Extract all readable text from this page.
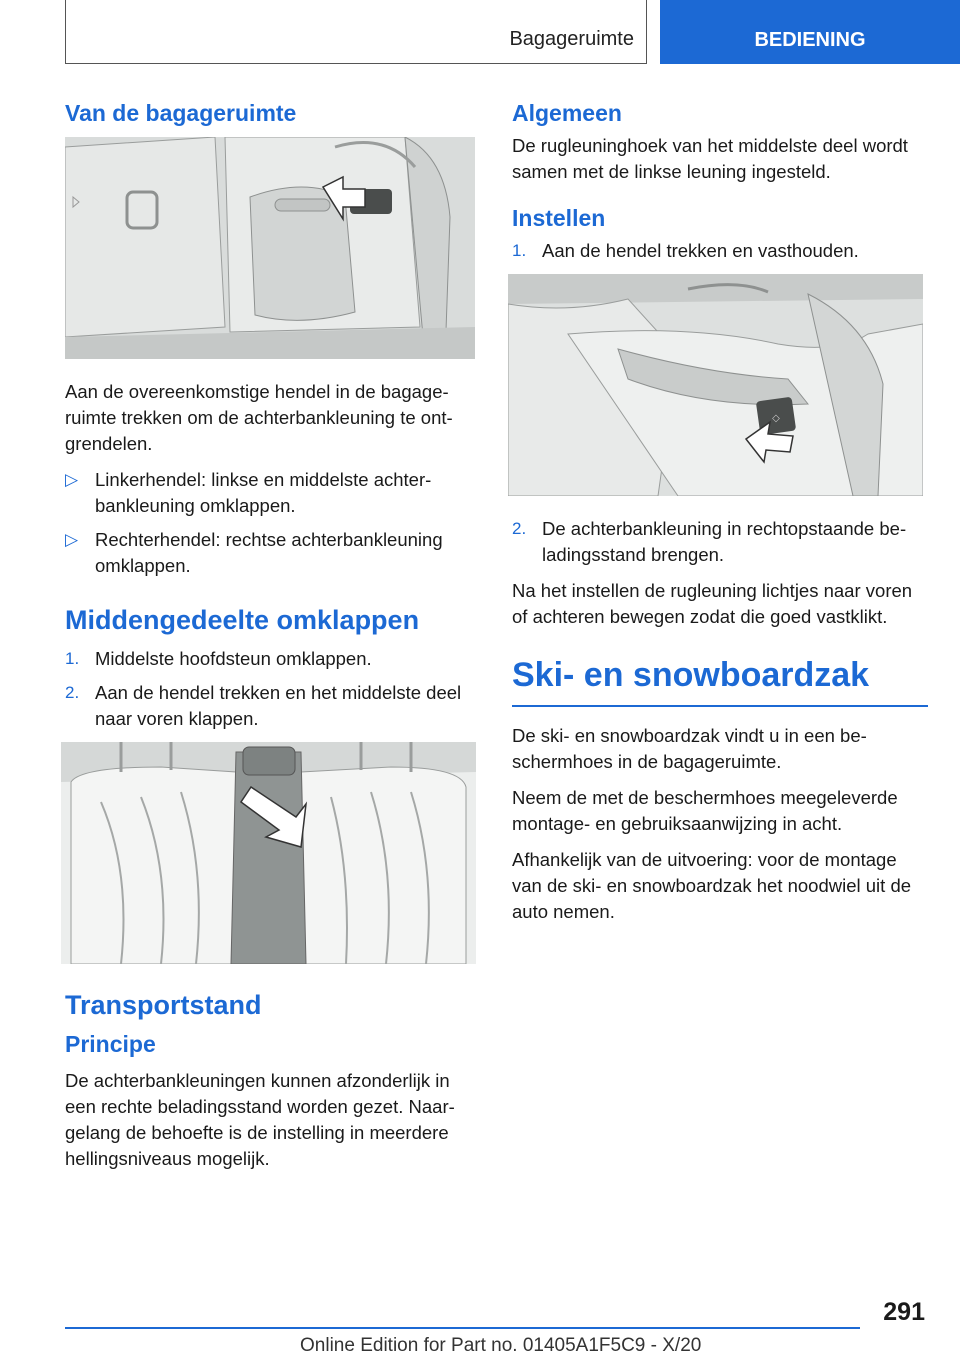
Bagageruimte	BEDIENING
Van de bagageruimte

Aan de overeenkomstige hendel in de bagageruimte trekken om de achterbankleuning te ontgrendelen.

▷ Linkerhendel: linkse en middelste achterbankleuning omklappen.
▷ Rechterhendel: rechtse achterbankleuning omklappen.
Middengedeelte omklappen
1. Middelste hoofdsteun omklappen.
2. Aan de hendel trekken en het middelste deel naar voren klappen.
Transportstand
Principe

De achterbankleuningen kunnen afzonderlijk in een rechte beladingsstand worden gezet. Naargelang de behoefte is de instelling in meerdere hellingsniveaus mogelijk.

Algemeen

De rugleuninghoek van het middelste deel wordt samen met de linkse leuning ingesteld.

Instellen
1. Aan de hendel trekken en vasthouden.
◇
2. De achterbankleuning in rechtopstaande beladingsstand brengen.

Na het instellen de rugleuning lichtjes naar voren of achteren bewegen zodat die goed vastklikt.

Ski- en snowboardzak

De ski- en snowboardzak vindt u in een beschermhoes in de bagageruimte.

Neem de met de beschermhoes meegeleverde montage- en gebruiksaanwijzing in acht.

Afhankelijk van de uitvoering: voor de montage van de ski- en snowboardzak het noodwiel uit de auto nemen.

291
Online Edition for Part no. 01405A1F5C9 - X/20
